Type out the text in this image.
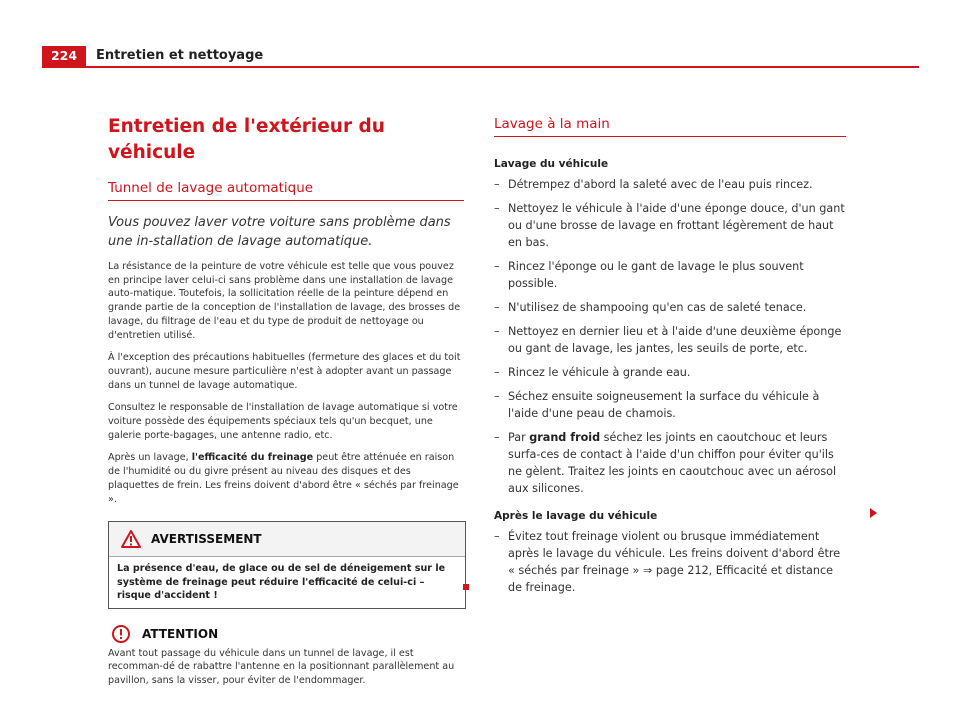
224	Entretien et nettoyage
Entretien de l'extérieur du véhicule
Tunnel de lavage automatique

Vous pouvez laver votre voiture sans problème dans une in-stallation de lavage automatique.

La résistance de la peinture de votre véhicule est telle que vous pouvez en principe laver celui-ci sans problème dans une installation de lavage auto-matique. Toutefois, la sollicitation réelle de la peinture dépend en grande partie de la conception de l'installation de lavage, des brosses de lavage, du filtrage de l'eau et du type de produit de nettoyage ou d'entretien utilisé.

À l'exception des précautions habituelles (fermeture des glaces et du toit ouvrant), aucune mesure particulière n'est à adopter avant un passage dans un tunnel de lavage automatique.

Consultez le responsable de l'installation de lavage automatique si votre voiture possède des équipements spéciaux tels qu'un becquet, une galerie porte-bagages, une antenne radio, etc.

Après un lavage, l'efficacité du freinage peut être atténuée en raison de l'humidité ou du givre présent au niveau des disques et des plaquettes de frein. Les freins doivent d'abord être « séchés par freinage ».

AVERTISSEMENT
La présence d'eau, de glace ou de sel de déneigement sur le système de freinage peut réduire l'efficacité de celui-ci – risque d'accident !
ATTENTION

Avant tout passage du véhicule dans un tunnel de lavage, il est recomman-dé de rabattre l'antenne en la positionnant parallèlement au pavillon, sans la visser, pour éviter de l'endommager.

Lavage à la main
Lavage du véhicule
– Détrempez d'abord la saleté avec de l'eau puis rincez.
– Nettoyez le véhicule à l'aide d'une éponge douce, d'un gant ou d'une brosse de lavage en frottant légèrement de haut en bas.
– Rincez l'éponge ou le gant de lavage le plus souvent possible.
– N'utilisez de shampooing qu'en cas de saleté tenace.
– Nettoyez en dernier lieu et à l'aide d'une deuxième éponge ou gant de lavage, les jantes, les seuils de porte, etc.
– Rincez le véhicule à grande eau.
– Séchez ensuite soigneusement la surface du véhicule à l'aide d'une peau de chamois.
– Par grand froid séchez les joints en caoutchouc et leurs surfa-ces de contact à l'aide d'un chiffon pour éviter qu'ils ne gèlent. Traitez les joints en caoutchouc avec un aérosol aux silicones.
Après le lavage du véhicule
– Évitez tout freinage violent ou brusque immédiatement après le lavage du véhicule. Les freins doivent d'abord être « séchés par freinage » ⇒ page 212, Efficacité et distance de freinage.
